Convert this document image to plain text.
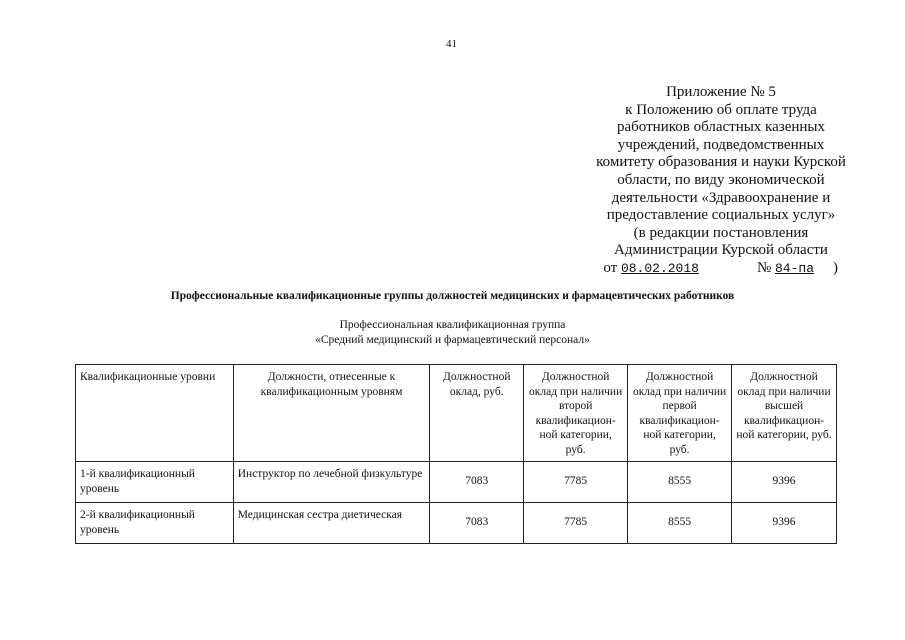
41
Приложение № 5
к Положению об оплате труда
работников областных казенных
учреждений, подведомственных
комитету образования и науки Курской
области, по виду экономической
деятельности «Здравоохранение и
предоставление социальных услуг»
(в редакции постановления
Администрации Курской области
от 08.02.2018	№ 84-па )
Профессиональные квалификационные группы должностей медицинских и фармацевтических работников
Профессиональная квалификационная группа
«Средний медицинский и фармацевтический персонал»
Квалификационные уровни	Должности, отнесенные к квалификационным уровням	Должностной оклад, руб.	Должностной оклад при наличии второй квалификацион-ной категории, руб.	Должностной оклад при наличии первой квалификацион-ной категории, руб.	Должностной оклад при наличии высшей квалификацион-ной категории, руб.
1-й квалификационный уровень	Инструктор по лечебной физкультуре	7083	7785	8555	9396
2-й квалификационный уровень	Медицинская сестра диетическая	7083	7785	8555	9396
